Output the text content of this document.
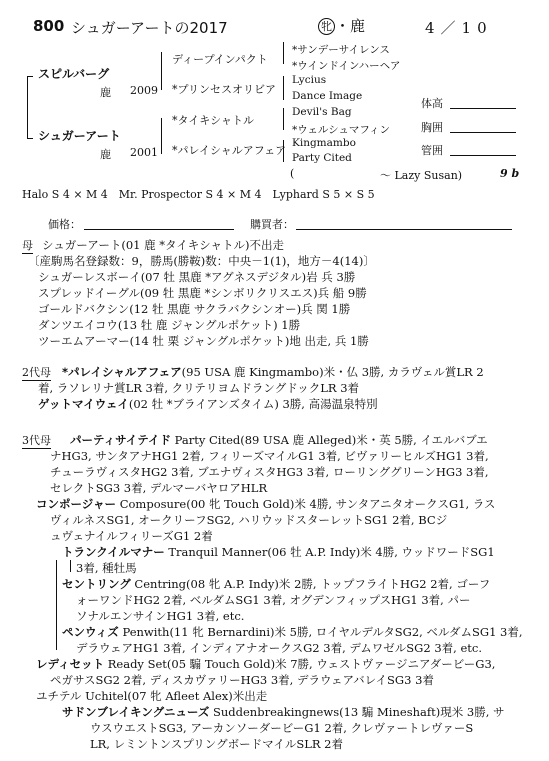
800 シュガーアートの2017	牝 ・鹿	4／10
スピルバーグ
鹿 2009
シュガーアート
鹿 2001
ディープインパクト
*プリンセスオリビア
*タイキシャトル
*パレイシャルアフェア
*サンデーサイレンス
*ウインドインハーヘア
Lycius
Dance Image
Devil's Bag
*ウェルシュマフィン
Kingmambo
Party Cited
(	～ Lazy Susan)	9 b
体高
胸囲
管囲
Halo S 4 × M 4　Mr. Prospector S 4 × M 4　Lyphard S 5 × S 5
価格：	購買者：
母 シュガーアート(01 鹿 *タイキシャトル)不出走
〔産駒馬名登録数：9，勝馬(勝鞍)数：中央－1(1)，地方－4(14)〕
シュガーレスボーイ(07 牡 黒鹿 *アグネスデジタル)岩 兵 3勝
スプレッドイーグル(09 牡 黒鹿 *シンボリクリスエス)兵 船 9勝
ゴールドバクシン(12 牡 黒鹿 サクラバクシンオー)兵 関 1勝
ダンツエイコウ(13 牡 鹿 ジャングルポケット) 1勝
ツーエムアーマー(14 牡 栗 ジャングルポケット)地 出走, 兵 1勝
2代母 *パレイシャルアフェア(95 USA 鹿 Kingmambo)米・仏 3勝, カラヴェル賞LR 2
着, ラソレリナ賞LR 3着, クリテリヨムドラングドックLR 3着
ゲットマイウェイ(02 牡 *ブライアンズタイム) 3勝, 高湯温泉特別
3代母 パーティサイテイド Party Cited(89 USA 鹿 Alleged)米・英 5勝, イエルバブエ
ナHG3, サンタアナHG1 2着, フィリーズマイルG1 3着, ビヴァリーヒルズHG1 3着,
チューラヴィスタHG2 3着, ブエナヴィスタHG3 3着, ローリンググリーンHG3 3着,
セレクトSG3 3着, デルマーバヤロアHLR
コンポージャー Composure(00 牝 Touch Gold)米 4勝, サンタアニタオークスG1, ラス
ヴィルネスSG1, オークリーフSG2, ハリウッドスターレットSG1 2着, BCジ
ュヴェナイルフィリーズG1 2着
トランクイルマナー Tranquil Manner(06 牡 A.P. Indy)米 4勝, ウッドワードSG1
3着, 種牡馬
セントリング Centring(08 牝 A.P. Indy)米 2勝, トップフライトHG2 2着, ゴーフ
ォーワンドHG2 2着, ベルダムSG1 3着, オグデンフィップスHG1 3着, パー
ソナルエンサインHG1 3着, etc.
ペンウィズ Penwith(11 牝 Bernardini)米 5勝, ロイヤルデルタSG2, ベルダムSG1 3着,
デラウェアHG1 3着, インディアナオークスG2 3着, デムワゼルSG2 3着, etc.
レディセット Ready Set(05 騸 Touch Gold)米 7勝, ウェストヴァージニアダービーG3,
ペガサスSG2 2着, ディスカヴァリーHG3 3着, デラウェアバレイSG3 3着
ユチテル Uchitel(07 牝 Afleet Alex)米出走
サドンブレイキングニューズ Suddenbreakingnews(13 騸 Mineshaft)現米 3勝, サ
ウスウエストSG3, アーカンソーダービーG1 2着, クレヴァートレヴァーS
LR, レミントンスプリングボードマイルSLR 2着
